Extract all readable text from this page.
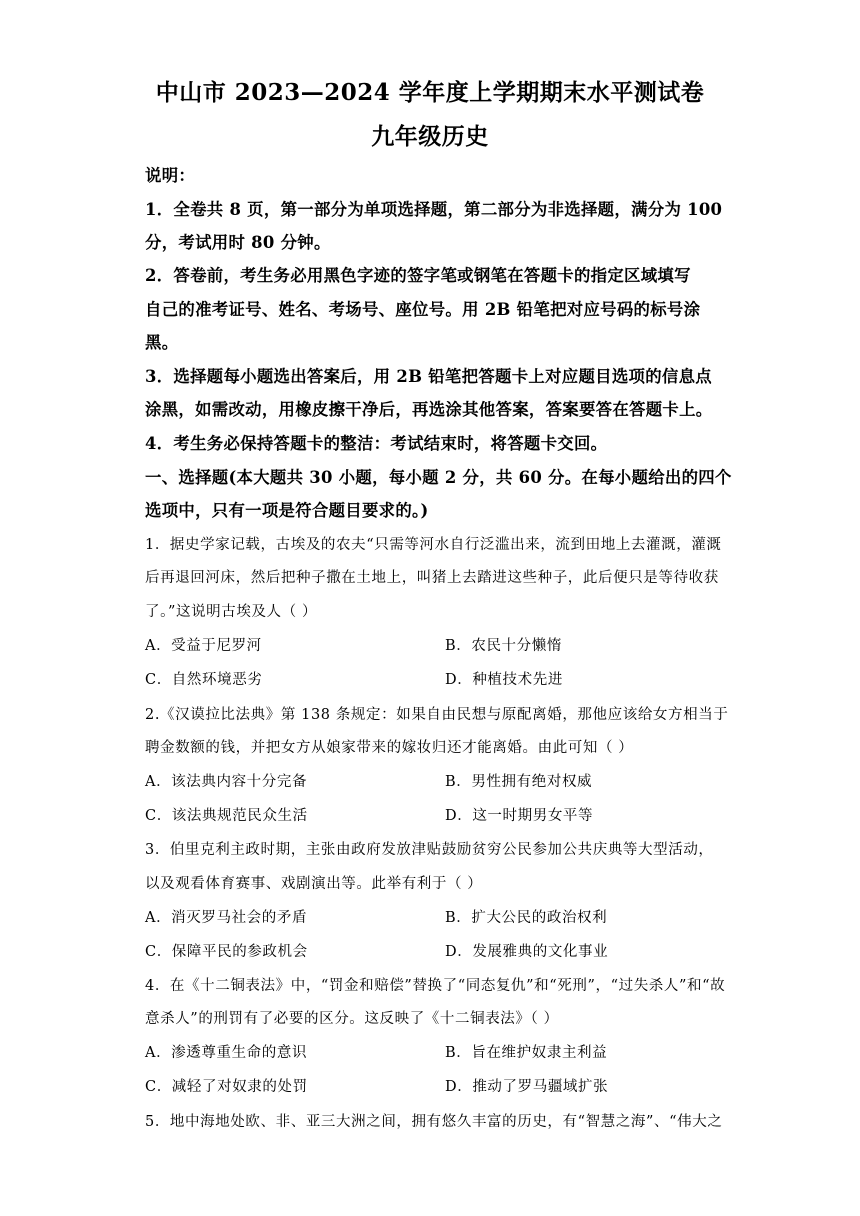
中山市 2023—2024 学年度上学期期末水平测试卷
九年级历史
说明：
1．全卷共 8 页，第一部分为单项选择题，第二部分为非选择题，满分为 100
分，考试用时 80 分钟。
2．答卷前，考生务必用黑色字迹的签字笔或钢笔在答题卡的指定区域填写
自己的准考证号、姓名、考场号、座位号。用 2B 铅笔把对应号码的标号涂
黑。
3．选择题每小题选出答案后，用 2B 铅笔把答题卡上对应题目选项的信息点
涂黑，如需改动，用橡皮擦干净后，再选涂其他答案，答案要答在答题卡上。
4．考生务必保持答题卡的整洁：考试结束时，将答题卡交回。
一、选择题(本大题共 30 小题，每小题 2 分，共 60 分。在每小题给出的四个
选项中，只有一项是符合题目要求的。)
1．据史学家记载，古埃及的农夫“只需等河水自行泛滥出来，流到田地上去灌溉，灌溉
后再退回河床，然后把种子撒在土地上，叫猪上去踏进这些种子，此后便只是等待收获
了。”这说明古埃及人（ ）
A．受益于尼罗河	B．农民十分懒惰
C．自然环境恶劣	D．种植技术先进
2.《汉谟拉比法典》第 138 条规定：如果自由民想与原配离婚，那他应该给女方相当于
聘金数额的钱，并把女方从娘家带来的嫁妆归还才能离婚。由此可知（ ）
A．该法典内容十分完备	B．男性拥有绝对权威
C．该法典规范民众生活	D．这一时期男女平等
3．伯里克利主政时期，主张由政府发放津贴鼓励贫穷公民参加公共庆典等大型活动，
以及观看体育赛事、戏剧演出等。此举有利于（ ）
A．消灭罗马社会的矛盾	B．扩大公民的政治权利
C．保障平民的参政机会	D．发展雅典的文化事业
4．在《十二铜表法》中，“罚金和赔偿”替换了“同态复仇”和“死刑”，“过失杀人”和“故
意杀人”的刑罚有了必要的区分。这反映了《十二铜表法》（ ）
A．渗透尊重生命的意识	B．旨在维护奴隶主利益
C．减轻了对奴隶的处罚	D．推动了罗马疆域扩张
5．地中海地处欧、非、亚三大洲之间，拥有悠久丰富的历史，有“智慧之海”、“伟大之
